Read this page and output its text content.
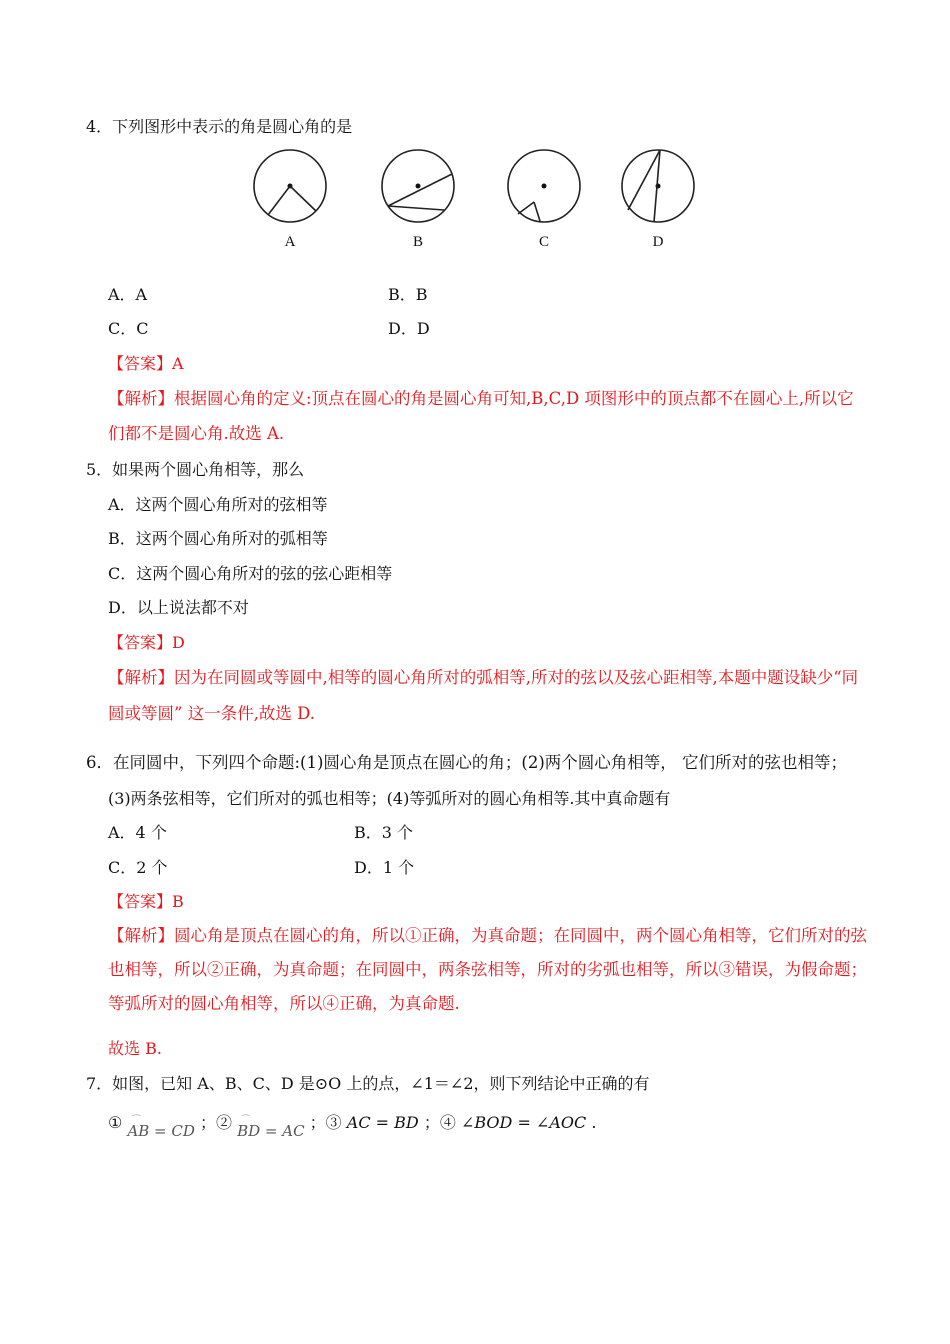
4．下列图形中表示的角是圆心角的是
A	B	C	D
A．A	B．B
C．C	D．D
【答案】A
【解析】根据圆心角的定义:顶点在圆心的角是圆心角可知,B,C,D 项图形中的顶点都不在圆心上,所以它
们都不是圆心角.故选 A.
5．如果两个圆心角相等，那么
A．这两个圆心角所对的弦相等
B．这两个圆心角所对的弧相等
C．这两个圆心角所对的弦的弦心距相等
D．以上说法都不对
【答案】D
【解析】因为在同圆或等圆中,相等的圆心角所对的弧相等,所对的弦以及弦心距相等,本题中题设缺少“同
圆或等圆” 这一条件,故选 D.
6．在同圆中，下列四个命题:(1)圆心角是顶点在圆心的角；(2)两个圆心角相等， 它们所对的弦也相等；
(3)两条弦相等，它们所对的弧也相等；(4)等弧所对的圆心角相等.其中真命题有
A．4 个	B．3 个
C．2 个	D．1 个
【答案】B
【解析】圆心角是顶点在圆心的角，所以①正确，为真命题；在同圆中，两个圆心角相等，它们所对的弦也相等，所以②正确，为真命题；在同圆中，两条弦相等，所对的劣弧也相等，所以③错误，为假命题；等弧所对的圆心角相等，所以④正确，为真命题.
故选 B.
7．如图，已知 A、B、C、D 是⊙O 上的点，∠1＝∠2，则下列结论中正确的有
① ⌒ AB = CD ；② ⌒ BD = AC ；③ AC = BD ；④ ∠BOD = ∠AOC .
